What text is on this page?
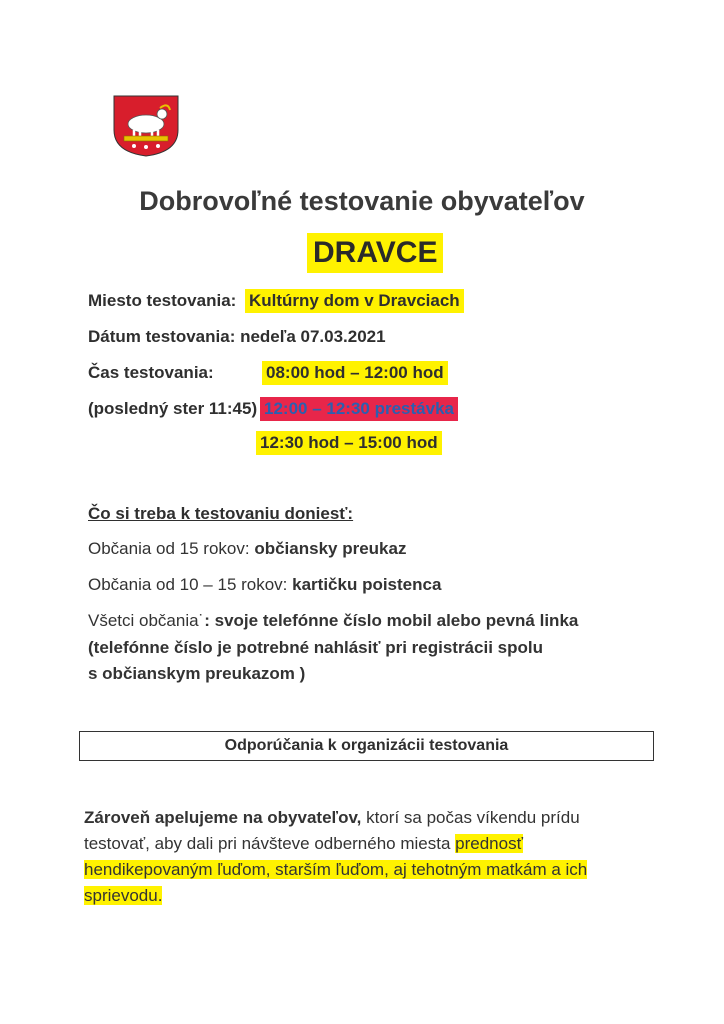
Dobrovoľné testovanie obyvateľov
DRAVCE
Miesto testovania: Kultúrny dom v Dravciach
Dátum testovania: nedeľa 07.03.2021
Čas testovania:	08:00 hod – 12:00 hod
(posledný ster 11:45) 12:00 – 12:30 prestávka
12:30 hod – 15:00 hod
Čo si treba k testovaniu doniesť:
Občania od 15 rokov: občiansky preukaz
Občania od 10 – 15 rokov: kartičku poistenca
Všetci občania˙: svoje telefónne číslo mobil alebo pevná linka
(telefónne číslo je potrebné nahlásiť pri registrácii spolu
s občianskym preukazom )
Odporúčania k organizácii testovania
Zároveň apelujeme na obyvateľov, ktorí sa počas víkendu prídu testovať, aby dali pri návšteve odberného miesta prednosť hendikepovaným ľuďom, starším ľuďom, aj tehotným matkám a ich sprievodu.
